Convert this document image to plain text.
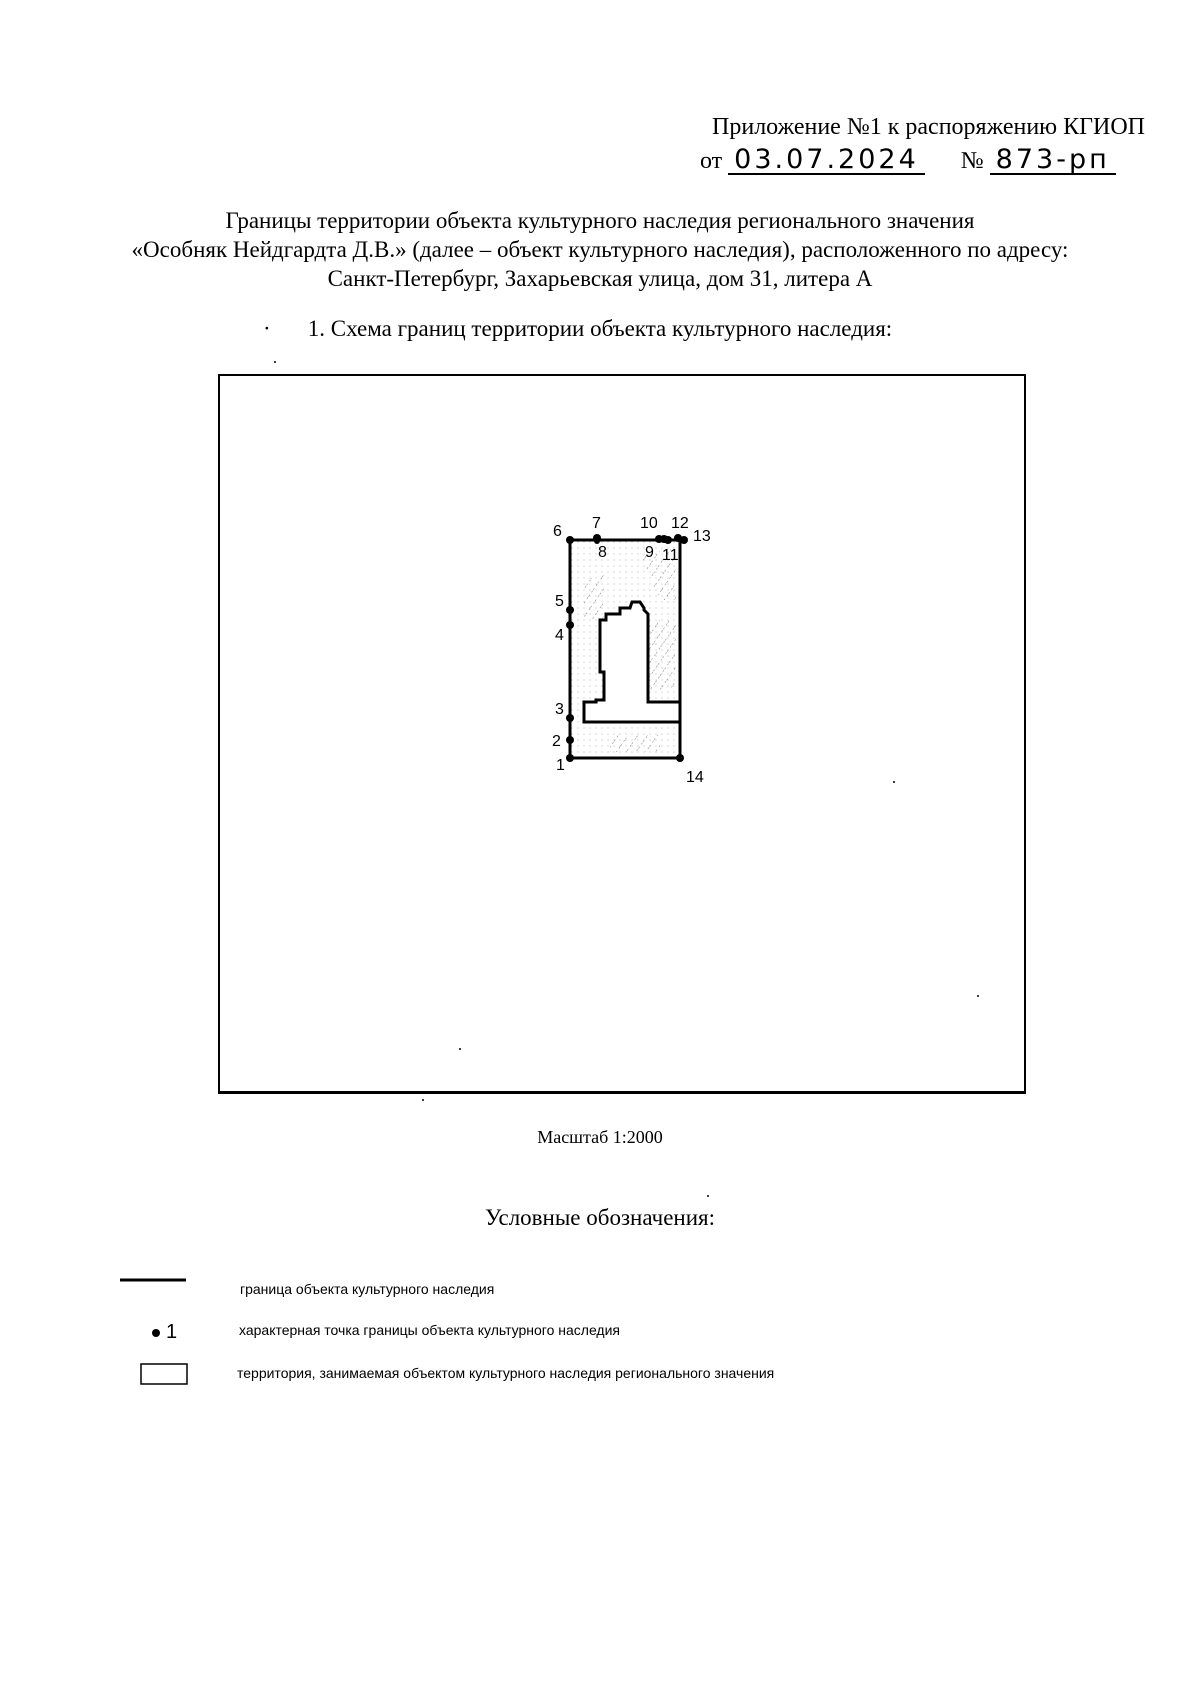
Приложение №1 к распоряжению КГИОП
от 03.07.2024 № 873-рп
Границы территории объекта культурного наследия регионального значения
«Особняк Нейдгардта Д.В.» (далее – объект культурного наследия), расположенного по адресу:
Санкт-Петербург, Захарьевская улица, дом 31, литера А
·	1. Схема границ территории объекта культурного наследия:
1
2
3
4
5
6 7
8 9
10
11
12
13
14
Масштаб 1:2000
Условные обозначения:
граница объекта культурного наследия
1	характерная точка границы объекта культурного наследия
территория, занимаемая объектом культурного наследия регионального значения
